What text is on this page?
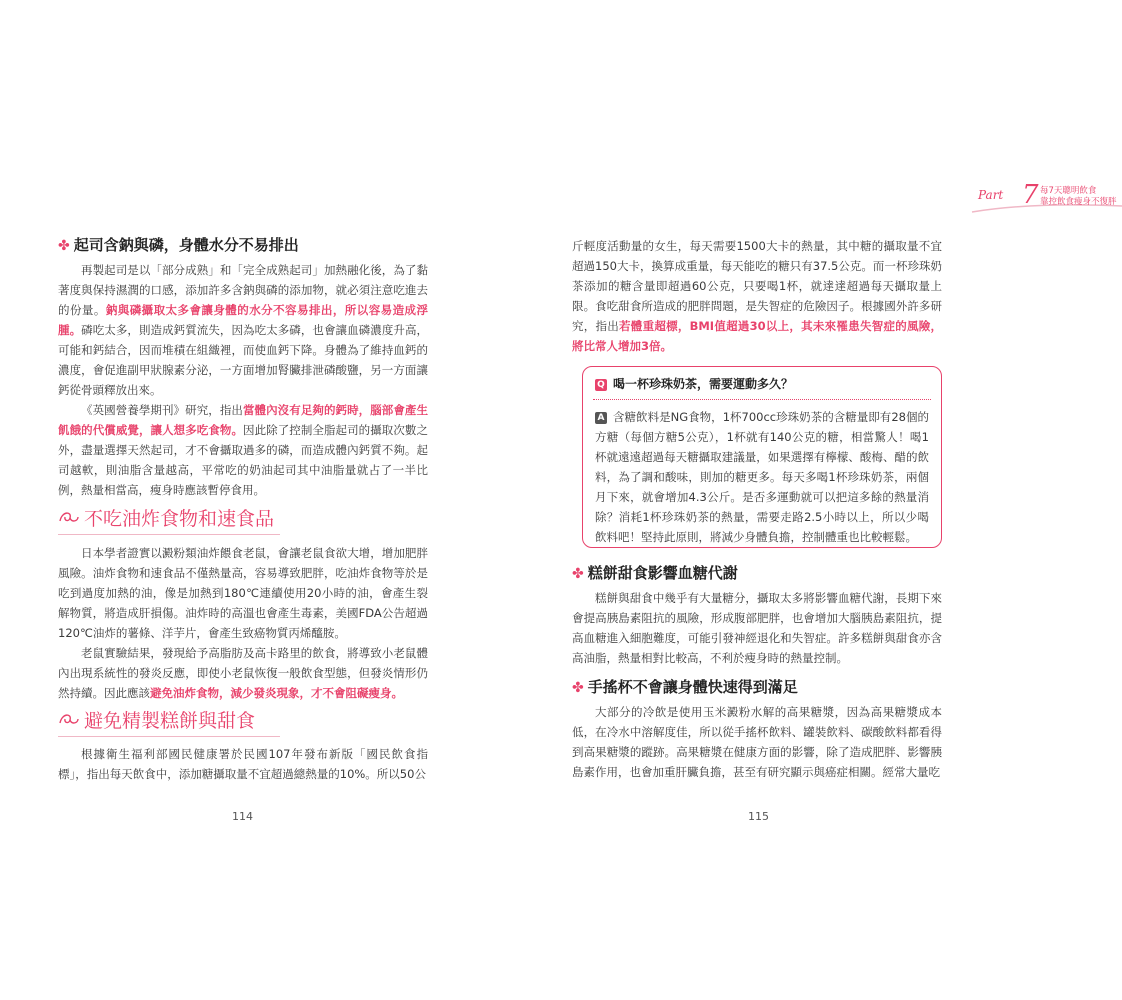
Part 7 每7天聰明飲食
靠控飲食瘦身不復胖
✤ 起司含鈉與磷，身體水分不易排出

再製起司是以「部分成熟」和「完全成熟起司」加熱融化後，為了黏著度與保持濕潤的口感，添加許多含鈉與磷的添加物，就必須注意吃進去的份量。鈉與磷攝取太多會讓身體的水分不容易排出，所以容易造成浮腫。磷吃太多，則造成鈣質流失，因為吃太多磷，也會讓血磷濃度升高，可能和鈣結合，因而堆積在組織裡，而使血鈣下降。身體為了維持血鈣的濃度，會促進副甲狀腺素分泌，一方面增加腎臟排泄磷酸鹽，另一方面讓鈣從骨頭釋放出來。

《英國營養學期刊》研究，指出當體內沒有足夠的鈣時，腦部會產生飢餓的代償威覺，讓人想多吃食物。因此除了控制全脂起司的攝取次數之外，盡量選擇天然起司，才不會攝取過多的磷，而造成體內鈣質不夠。起司越軟，則油脂含量越高，平常吃的奶油起司其中油脂量就占了一半比例，熱量相當高，瘦身時應該暫停食用。

不吃油炸食物和速食品

日本學者證實以澱粉類油炸餵食老鼠，會讓老鼠食欲大增，增加肥胖風險。油炸食物和速食品不僅熱量高，容易導致肥胖，吃油炸食物等於是吃到過度加熱的油，像是加熱到180℃連續使用20小時的油，會產生裂解物質，將造成肝損傷。油炸時的高溫也會產生毒素，美國FDA公告超過120℃油炸的薯條、洋芋片，會產生致癌物質丙烯醯胺。

老鼠實驗結果，發現給予高脂肪及高卡路里的飲食，將導致小老鼠體內出現系統性的發炎反應，即使小老鼠恢復一般飲食型態，但發炎情形仍然持續。因此應該避免油炸食物，減少發炎現象，才不會阻礙瘦身。

避免精製糕餅與甜食

根據衛生福利部國民健康署於民國107年發布新版「國民飲食指標」，指出每天飲食中，添加糖攝取量不宜超過總熱量的10%。所以50公

114

斤輕度活動量的女生，每天需要1500大卡的熱量，其中糖的攝取量不宜超過150大卡，換算成重量，每天能吃的糖只有37.5公克。而一杯珍珠奶茶添加的糖含量即超過60公克，只要喝1杯，就達達超過每天攝取量上限。食吃甜食所造成的肥胖問題，是失智症的危險因子。根據國外許多研究，指出若體重超標，BMI值超過30以上，其未來罹患失智症的風險，將比常人增加3倍。

Q 喝一杯珍珠奶茶，需要運動多久？

A 含糖飲料是NG食物，1杯700cc珍珠奶茶的含糖量即有28個的方糖（每個方糖5公克），1杯就有140公克的糖，相當驚人！喝1杯就遠遠超過每天糖攝取建議量，如果選擇有檸檬、酸梅、醋的飲料，為了調和酸味，則加的糖更多。每天多喝1杯珍珠奶茶，兩個月下來，就會增加4.3公斤。是否多運動就可以把這多餘的熱量消除？消耗1杯珍珠奶茶的熱量，需要走路2.5小時以上，所以少喝飲料吧！堅持此原則，將減少身體負擔，控制體重也比較輕鬆。

✤ 糕餅甜食影響血糖代謝

糕餅與甜食中幾乎有大量糖分，攝取太多將影響血糖代謝，長期下來會提高胰島素阻抗的風險，形成腹部肥胖，也會增加大腦胰島素阻抗，提高血糖進入細胞難度，可能引發神經退化和失智症。許多糕餅與甜食亦含高油脂，熱量相對比較高，不利於瘦身時的熱量控制。

✤ 手搖杯不會讓身體快速得到滿足

大部分的冷飲是使用玉米澱粉水解的高果糖漿，因為高果糖漿成本低，在冷水中溶解度佳，所以從手搖杯飲料、罐裝飲料、碳酸飲料都看得到高果糖漿的蹤跡。高果糖漿在健康方面的影響，除了造成肥胖、影響胰島素作用，也會加重肝臟負擔，甚至有研究顯示與癌症相關。經常大量吃

115
